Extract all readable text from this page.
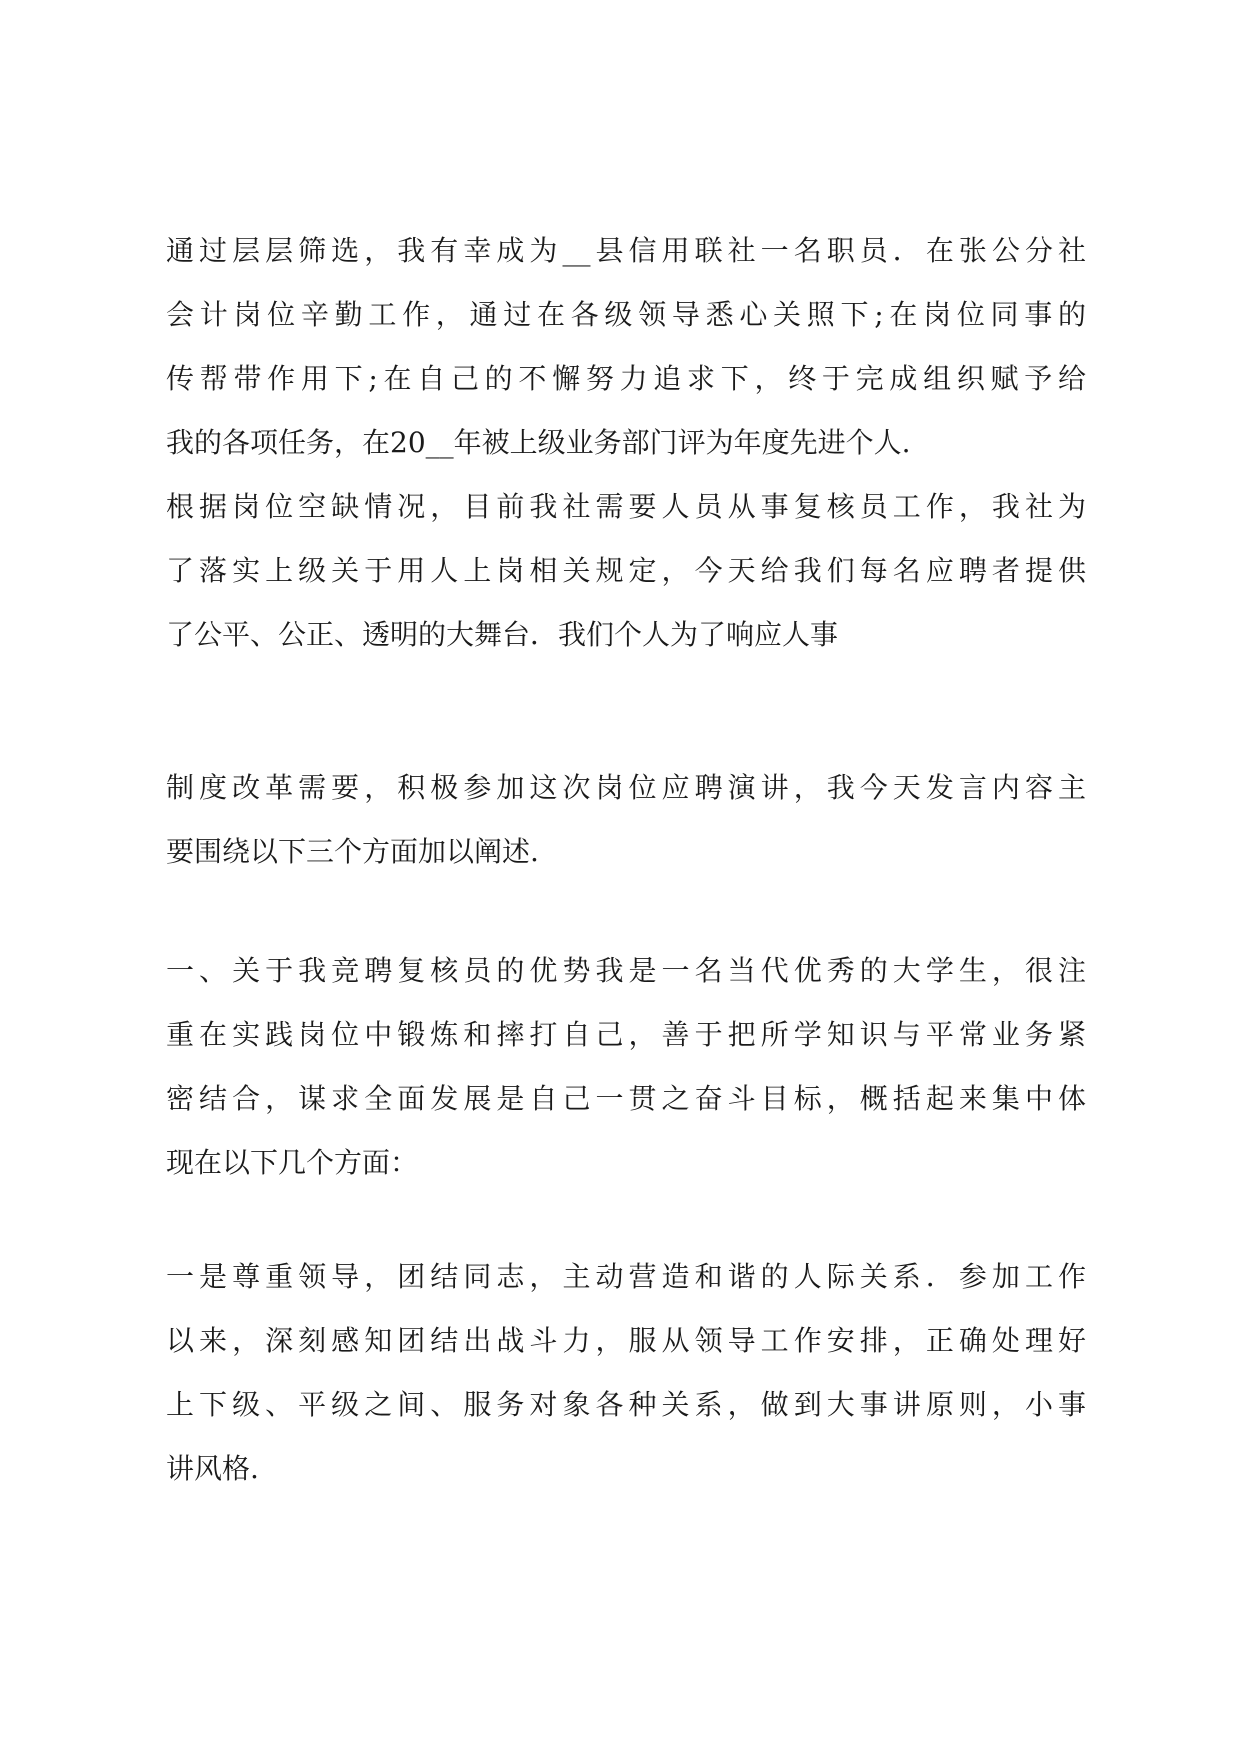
通过层层筛选，我有幸成为__县信用联社一名职员．在张公分社
会计岗位辛勤工作，通过在各级领导悉心关照下;在岗位同事的
传帮带作用下;在自己的不懈努力追求下，终于完成组织赋予给
我的各项任务，在20__年被上级业务部门评为年度先进个人.
根据岗位空缺情况，目前我社需要人员从事复核员工作，我社为
了落实上级关于用人上岗相关规定，今天给我们每名应聘者提供
了公平、公正、透明的大舞台．我们个人为了响应人事
制度改革需要，积极参加这次岗位应聘演讲，我今天发言内容主
要围绕以下三个方面加以阐述.
一、关于我竞聘复核员的优势我是一名当代优秀的大学生，很注
重在实践岗位中锻炼和摔打自己，善于把所学知识与平常业务紧
密结合，谋求全面发展是自己一贯之奋斗目标，概括起来集中体
现在以下几个方面：
一是尊重领导，团结同志，主动营造和谐的人际关系．参加工作
以来，深刻感知团结出战斗力，服从领导工作安排，正确处理好
上下级、平级之间、服务对象各种关系，做到大事讲原则，小事
讲风格.
